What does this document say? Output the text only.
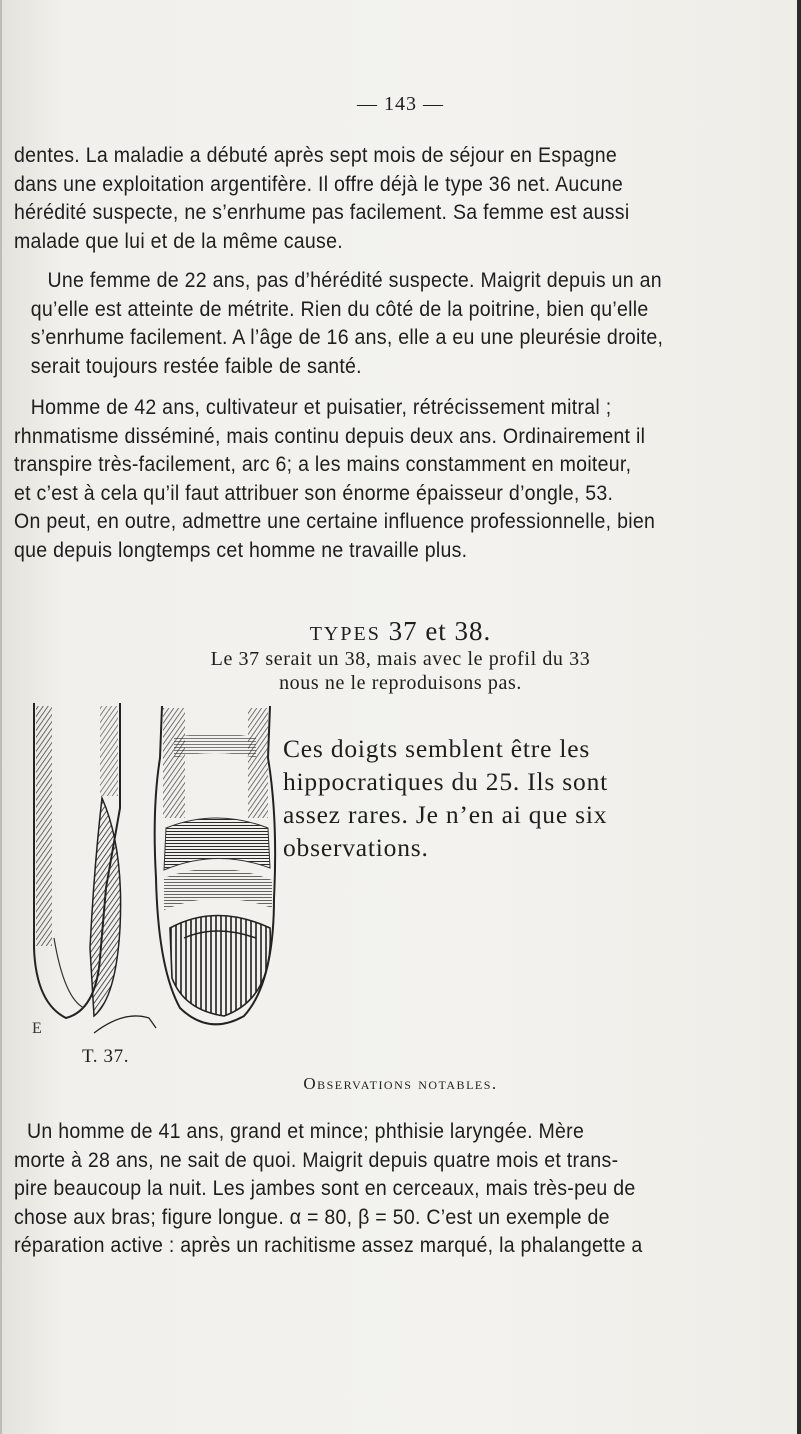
— 143 —
dentes. La maladie a débuté après sept mois de séjour en Espagne
dans une exploitation argentifère. Il offre déjà le type 36 net. Aucune
hérédité suspecte, ne s’enrhume pas facilement. Sa femme est aussi
malade que lui et de la même cause.
Une femme de 22 ans, pas d’hérédité suspecte. Maigrit depuis un an
qu’elle est atteinte de métrite. Rien du côté de la poitrine, bien qu’elle
s’enrhume facilement. A l’âge de 16 ans, elle a eu une pleurésie droite,
serait toujours restée faible de santé.
Homme de 42 ans, cultivateur et puisatier, rétrécissement mitral ;
rhnmatisme disséminé, mais continu depuis deux ans. Ordinairement il
transpire très-facilement, arc 6; a les mains constamment en moiteur,
et c’est à cela qu’il faut attribuer son énorme épaisseur d’ongle, 53.
On peut, en outre, admettre une certaine influence professionnelle, bien
que depuis longtemps cet homme ne travaille plus.
TYPES 37 et 38.
Le 37 serait un 38, mais avec le profil du 33
nous ne le reproduisons pas.
Ces doigts semblent être les
hippocratiques du 25. Ils sont
assez rares. Je n’en ai que six
observations.
E
T. 37.
Observations notables.
Un homme de 41 ans, grand et mince; phthisie laryngée. Mère
morte à 28 ans, ne sait de quoi. Maigrit depuis quatre mois et trans-
pire beaucoup la nuit. Les jambes sont en cerceaux, mais très-peu de
chose aux bras; figure longue. α = 80, β = 50. C’est un exemple de
réparation active : après un rachitisme assez marqué, la phalangette a
